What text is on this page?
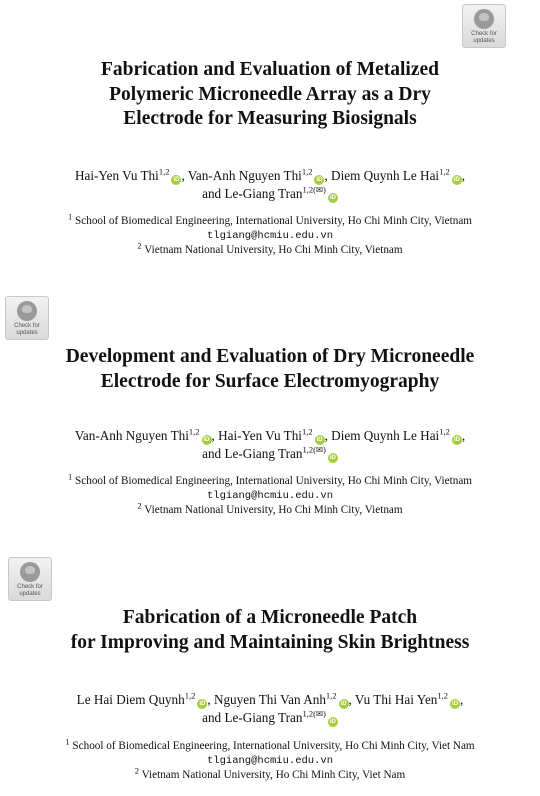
Check for
updates
Fabrication and Evaluation of Metalized
Polymeric Microneedle Array as a Dry
Electrode for Measuring Biosignals
Hai-Yen Vu Thi$^{1,2}$iD , Van-Anh Nguyen Thi$^{1,2}$iD , Diem Quynh Le Hai$^{1,2}$iD ,
and Le-Giang Tran$^{1,2(✉)}$iD
$^1$ School of Biomedical Engineering, International University, Ho Chi Minh City, Vietnam
tlgiang@hcmiu.edu.vn
$^2$ Vietnam National University, Ho Chi Minh City, Vietnam
Check for
updates
Development and Evaluation of Dry Microneedle
Electrode for Surface Electromyography
Van-Anh Nguyen Thi$^{1,2}$iD , Hai-Yen Vu Thi$^{1,2}$iD , Diem Quynh Le Hai$^{1,2}$iD ,
and Le-Giang Tran$^{1,2(✉)}$iD
$^1$ School of Biomedical Engineering, International University, Ho Chi Minh City, Vietnam
tlgiang@hcmiu.edu.vn
$^2$ Vietnam National University, Ho Chi Minh City, Vietnam
Check for
updates
Fabrication of a Microneedle Patch
for Improving and Maintaining Skin Brightness
Le Hai Diem Quynh$^{1,2}$iD , Nguyen Thi Van Anh$^{1,2}$iD , Vu Thi Hai Yen$^{1,2}$iD ,
and Le-Giang Tran$^{1,2(✉)}$iD
$^1$ School of Biomedical Engineering, International University, Ho Chi Minh City, Viet Nam
tlgiang@hcmiu.edu.vn
$^2$ Vietnam National University, Ho Chi Minh City, Viet Nam
